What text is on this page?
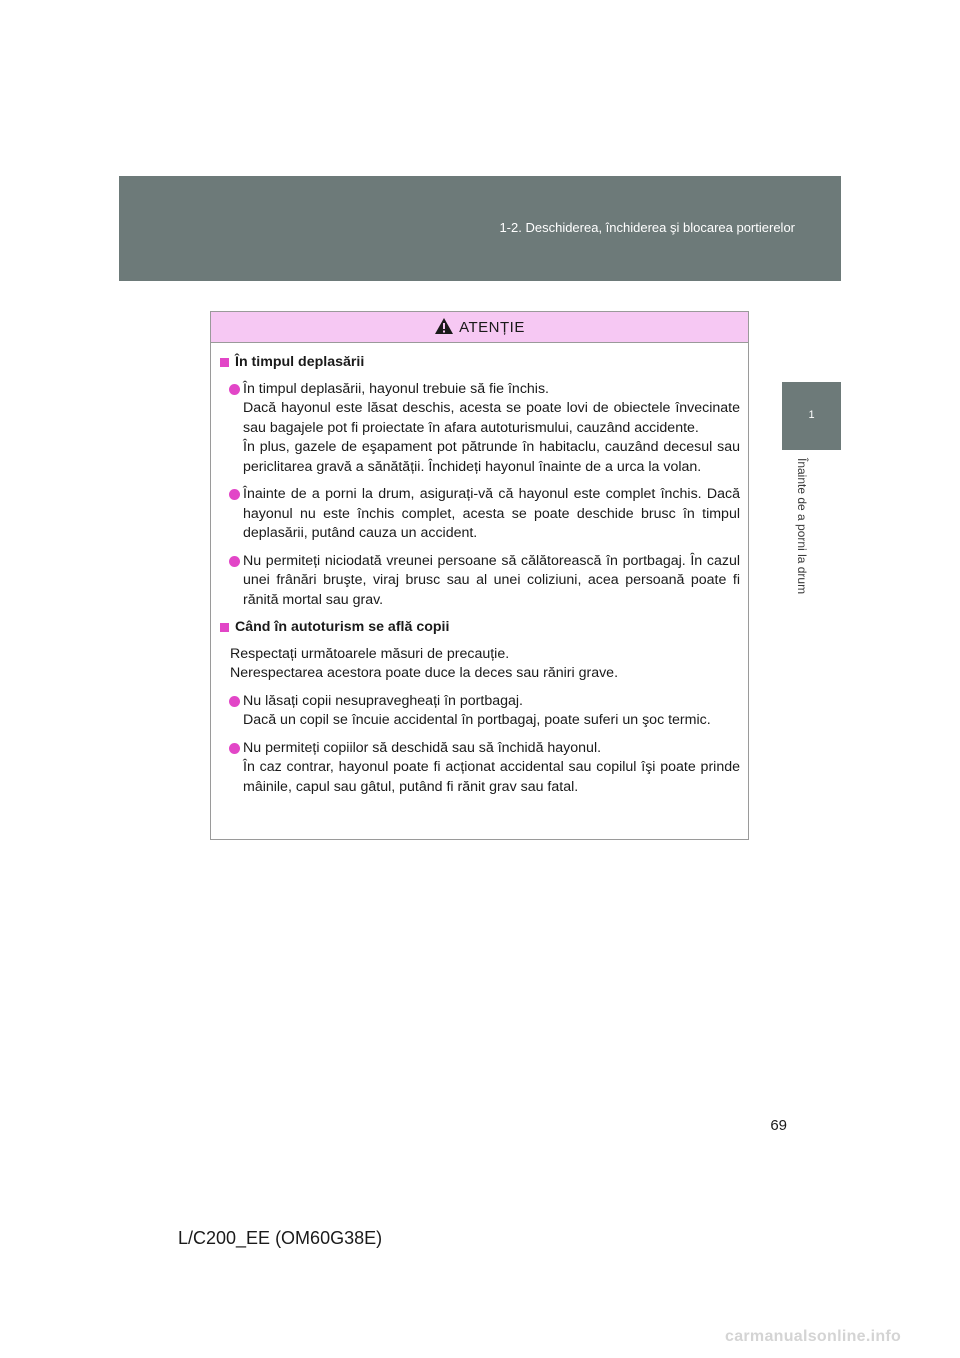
1-2. Deschiderea, închiderea şi blocarea portierelor
1
Înainte de a porni la drum
ATENȚIE
În timpul deplasării
În timpul deplasării, hayonul trebuie să fie închis.
Dacă hayonul este lăsat deschis, acesta se poate lovi de obiectele învecinate sau bagajele pot fi proiectate în afara autoturismului, cauzând accidente.
În plus, gazele de eşapament pot pătrunde în habitaclu, cauzând decesul sau periclitarea gravă a sănătății. Închideți hayonul înainte de a urca la volan.
Înainte de a porni la drum, asigurați-vă că hayonul este complet închis. Dacă hayonul nu este închis complet, acesta se poate deschide brusc în timpul deplasării, putând cauza un accident.
Nu permiteți niciodată vreunei persoane să călătorească în portbagaj. În cazul unei frânări bruşte, viraj brusc sau al unei coliziuni, acea persoană poate fi rănită mortal sau grav.
Când în autoturism se află copii
Respectați următoarele măsuri de precauție.
Nerespectarea acestora poate duce la deces sau răniri grave.
Nu lăsați copii nesupravegheați în portbagaj.
Dacă un copil se încuie accidental în portbagaj, poate suferi un şoc termic.
Nu permiteți copiilor să deschidă sau să închidă hayonul.
În caz contrar, hayonul poate fi acționat accidental sau copilul îşi poate prinde mâinile, capul sau gâtul, putând fi rănit grav sau fatal.
69
L/C200_EE (OM60G38E)
carmanualsonline.info
